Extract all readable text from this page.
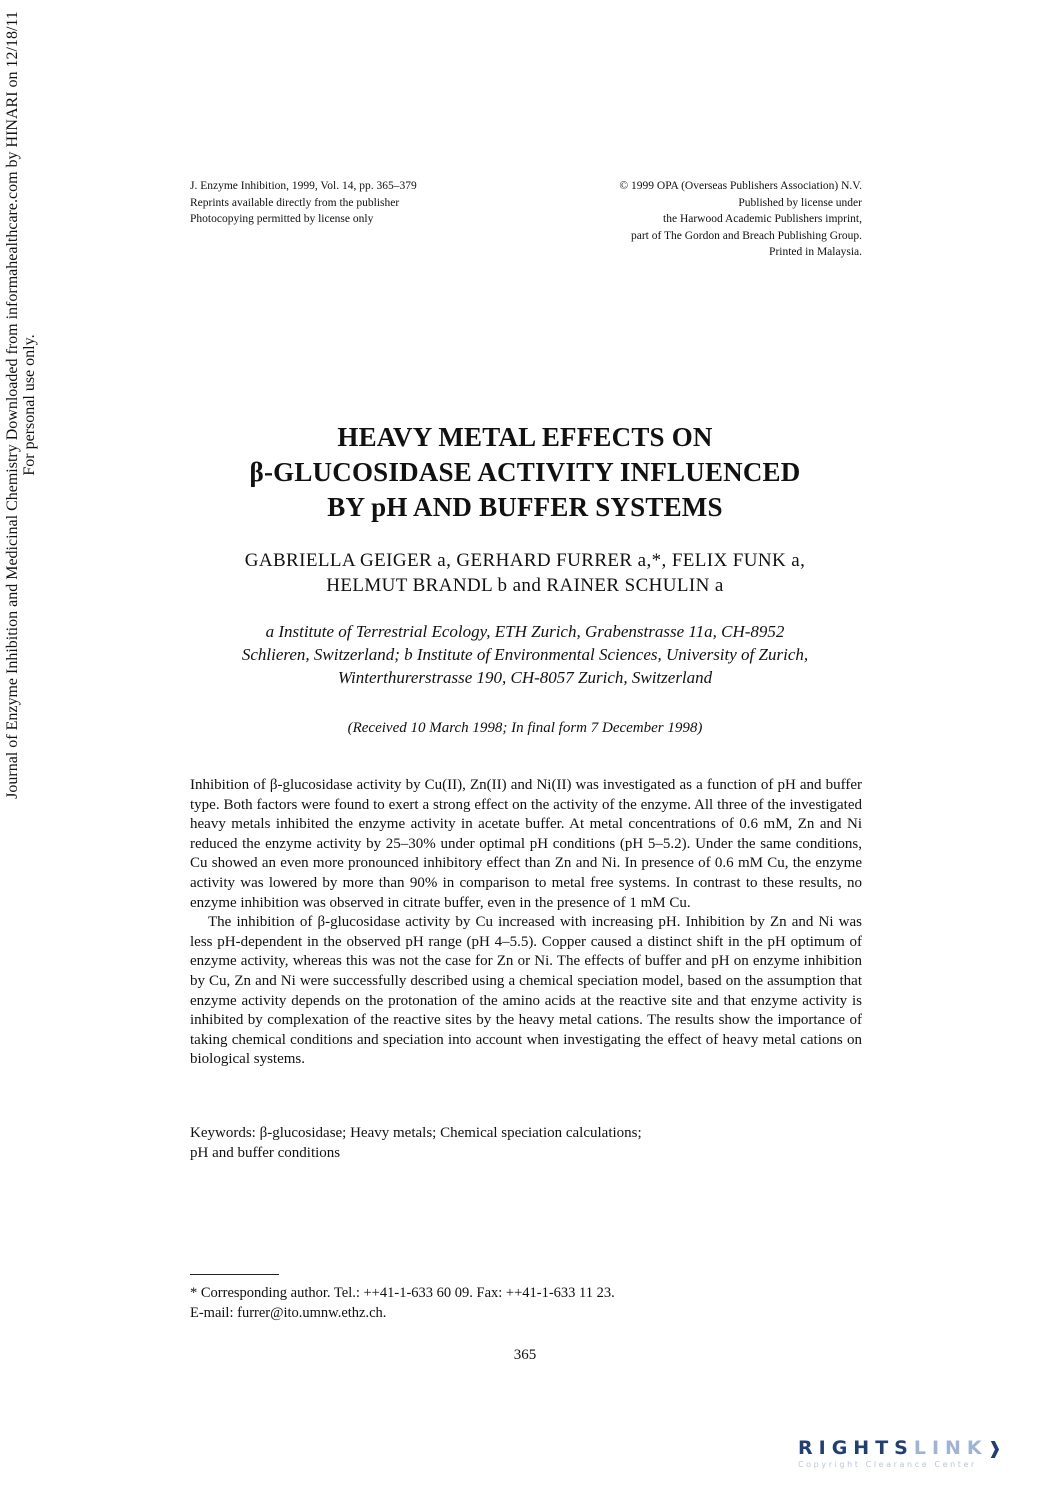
J. Enzyme Inhibition, 1999, Vol. 14, pp. 365–379
Reprints available directly from the publisher
Photocopying permitted by license only
© 1999 OPA (Overseas Publishers Association) N.V.
Published by license under
the Harwood Academic Publishers imprint,
part of The Gordon and Breach Publishing Group.
Printed in Malaysia.
Journal of Enzyme Inhibition and Medicinal Chemistry Downloaded from informahealthcare.com by HINARI on 12/18/11 For personal use only.	HEAVY METAL EFFECTS ON
β-GLUCOSIDASE ACTIVITY INFLUENCED
BY pH AND BUFFER SYSTEMS
GABRIELLA GEIGER a, GERHARD FURRER a,*, FELIX FUNK a,
HELMUT BRANDL b and RAINER SCHULIN a
a Institute of Terrestrial Ecology, ETH Zurich, Grabenstrasse 11a, CH-8952
Schlieren, Switzerland; b Institute of Environmental Sciences, University of Zurich,
Winterthurerstrasse 190, CH-8057 Zurich, Switzerland
(Received 10 March 1998; In final form 7 December 1998)

Inhibition of β-glucosidase activity by Cu(II), Zn(II) and Ni(II) was investigated as a function of pH and buffer type. Both factors were found to exert a strong effect on the activity of the enzyme. All three of the investigated heavy metals inhibited the enzyme activity in acetate buffer. At metal concentrations of 0.6 mM, Zn and Ni reduced the enzyme activity by 25–30% under optimal pH conditions (pH 5–5.2). Under the same conditions, Cu showed an even more pronounced inhibitory effect than Zn and Ni. In presence of 0.6 mM Cu, the enzyme activity was lowered by more than 90% in comparison to metal free systems. In contrast to these results, no enzyme inhibition was observed in citrate buffer, even in the presence of 1 mM Cu.

The inhibition of β-glucosidase activity by Cu increased with increasing pH. Inhibition by Zn and Ni was less pH-dependent in the observed pH range (pH 4–5.5). Copper caused a distinct shift in the pH optimum of enzyme activity, whereas this was not the case for Zn or Ni. The effects of buffer and pH on enzyme inhibition by Cu, Zn and Ni were successfully described using a chemical speciation model, based on the assumption that enzyme activity depends on the protonation of the amino acids at the reactive site and that enzyme activity is inhibited by complexation of the reactive sites by the heavy metal cations. The results show the importance of taking chemical conditions and speciation into account when investigating the effect of heavy metal cations on biological systems.

Keywords: β-glucosidase; Heavy metals; Chemical speciation calculations;
pH and buffer conditions
* Corresponding author. Tel.: ++41-1-633 60 09. Fax: ++41-1-633 11 23.
E-mail: furrer@ito.umnw.ethz.ch.
365
RIGHTSLINK❱
Copyright Clearance Center
